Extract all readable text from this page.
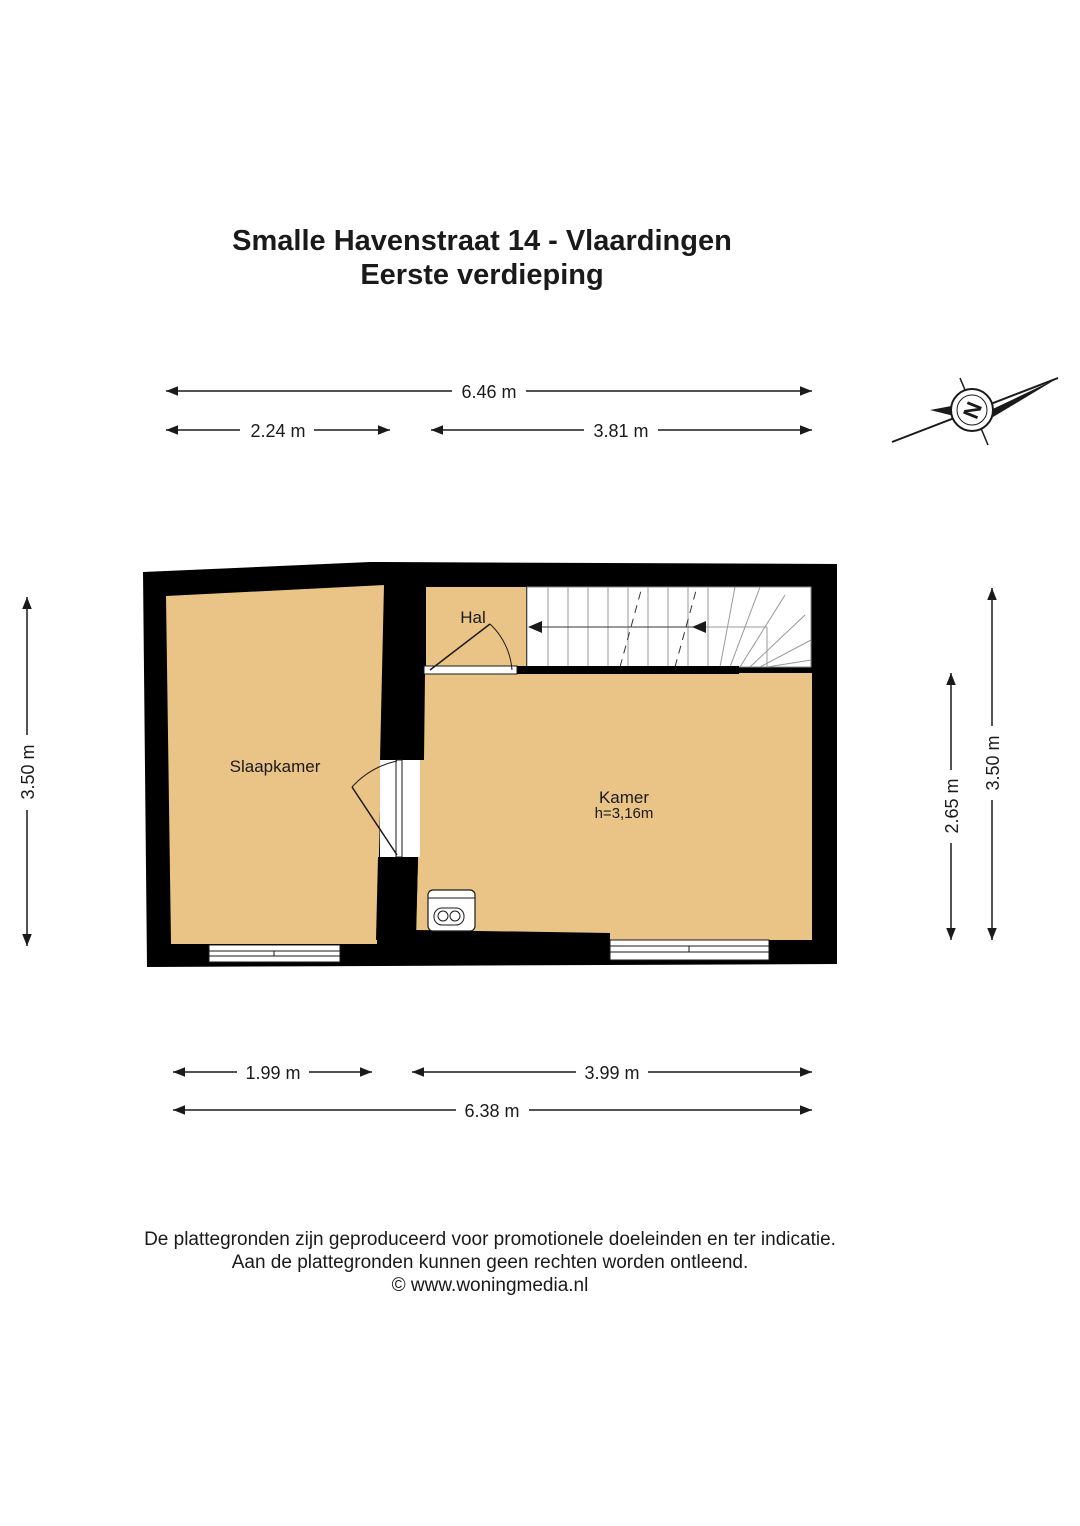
Smalle Havenstraat 14 - Vlaardingen
Eerste verdieping
6.46 m
2.24 m	3.81 m
N
Hal
Slaapkamer
Kamer
h=3,16m
3.50 m
2.65 m
3.50 m
1.99 m	3.99 m
6.38 m
De plattegronden zijn geproduceerd voor promotionele doeleinden en ter indicatie.
Aan de plattegronden kunnen geen rechten worden ontleend.
© www.woningmedia.nl
